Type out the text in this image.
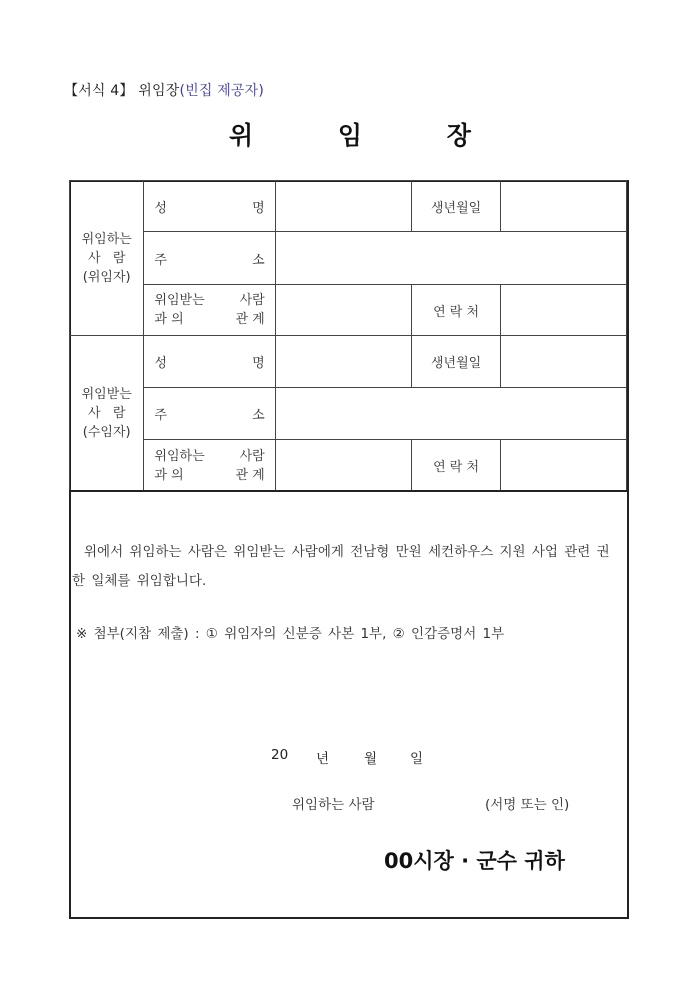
【서식 4】 위임장(빈집 제공자)
위	임	장
위임하는
사   람
(위임자)

성	명		생년월일	

	주 소			

	위임받는 사람
과 의 관 계		연 락 처	

위임받는
사   람
(수임자)

성	명		생년월일	

	주 소			

	위임하는 사람
과 의 관 계		연 락 처	
위에서 위임하는 사람은 위임받는 사람에게 전남형 만원 세컨하우스 지원 사업 관련 권한 일체를 위임합니다.
※ 첨부(지참 제출) : ① 위임자의 신분증 사본 1부, ② 인감증명서 1부
20 년	월 일
위임하는 사람	(서명 또는 인)
00시장 · 군수 귀하
